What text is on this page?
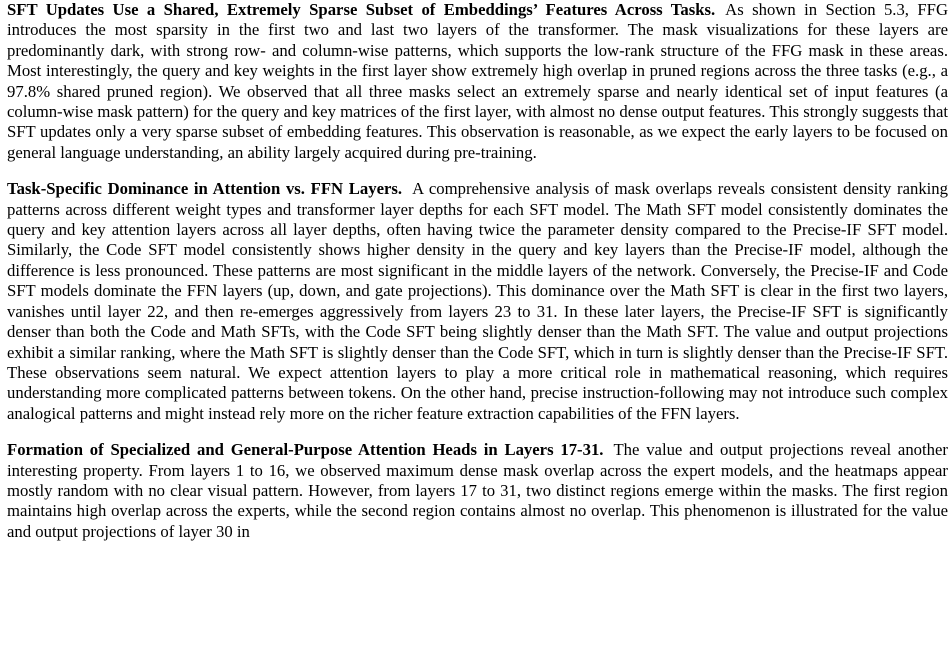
SFT Updates Use a Shared, Extremely Sparse Subset of Embeddings’ Features Across Tasks. As shown in Section 5.3, FFG introduces the most sparsity in the first two and last two layers of the transformer. The mask visualizations for these layers are predominantly dark, with strong row- and column-wise patterns, which supports the low-rank structure of the FFG mask in these areas. Most interestingly, the query and key weights in the first layer show extremely high overlap in pruned regions across the three tasks (e.g., a 97.8% shared pruned region). We observed that all three masks select an extremely sparse and nearly identical set of input features (a column-wise mask pattern) for the query and key matrices of the first layer, with almost no dense output features. This strongly suggests that SFT updates only a very sparse subset of embedding features. This observation is reasonable, as we expect the early layers to be focused on general language understanding, an ability largely acquired during pre-training.

Task-Specific Dominance in Attention vs. FFN Layers. A comprehensive analysis of mask overlaps reveals consistent density ranking patterns across different weight types and transformer layer depths for each SFT model. The Math SFT model consistently dominates the query and key attention layers across all layer depths, often having twice the parameter density compared to the Precise-IF SFT model. Similarly, the Code SFT model consistently shows higher density in the query and key layers than the Precise-IF model, although the difference is less pronounced. These patterns are most significant in the middle layers of the network. Conversely, the Precise-IF and Code SFT models dominate the FFN layers (up, down, and gate projections). This dominance over the Math SFT is clear in the first two layers, vanishes until layer 22, and then re-emerges aggressively from layers 23 to 31. In these later layers, the Precise-IF SFT is significantly denser than both the Code and Math SFTs, with the Code SFT being slightly denser than the Math SFT. The value and output projections exhibit a similar ranking, where the Math SFT is slightly denser than the Code SFT, which in turn is slightly denser than the Precise-IF SFT. These observations seem natural. We expect attention layers to play a more critical role in mathematical reasoning, which requires understanding more complicated patterns between tokens. On the other hand, precise instruction-following may not introduce such complex analogical patterns and might instead rely more on the richer feature extraction capabilities of the FFN layers.

Formation of Specialized and General-Purpose Attention Heads in Layers 17-31. The value and output projections reveal another interesting property. From layers 1 to 16, we observed maximum dense mask overlap across the expert models, and the heatmaps appear mostly random with no clear visual pattern. However, from layers 17 to 31, two distinct regions emerge within the masks. The first region maintains high overlap across the experts, while the second region contains almost no overlap. This phenomenon is illustrated for the value and output projections of layer 30 in
